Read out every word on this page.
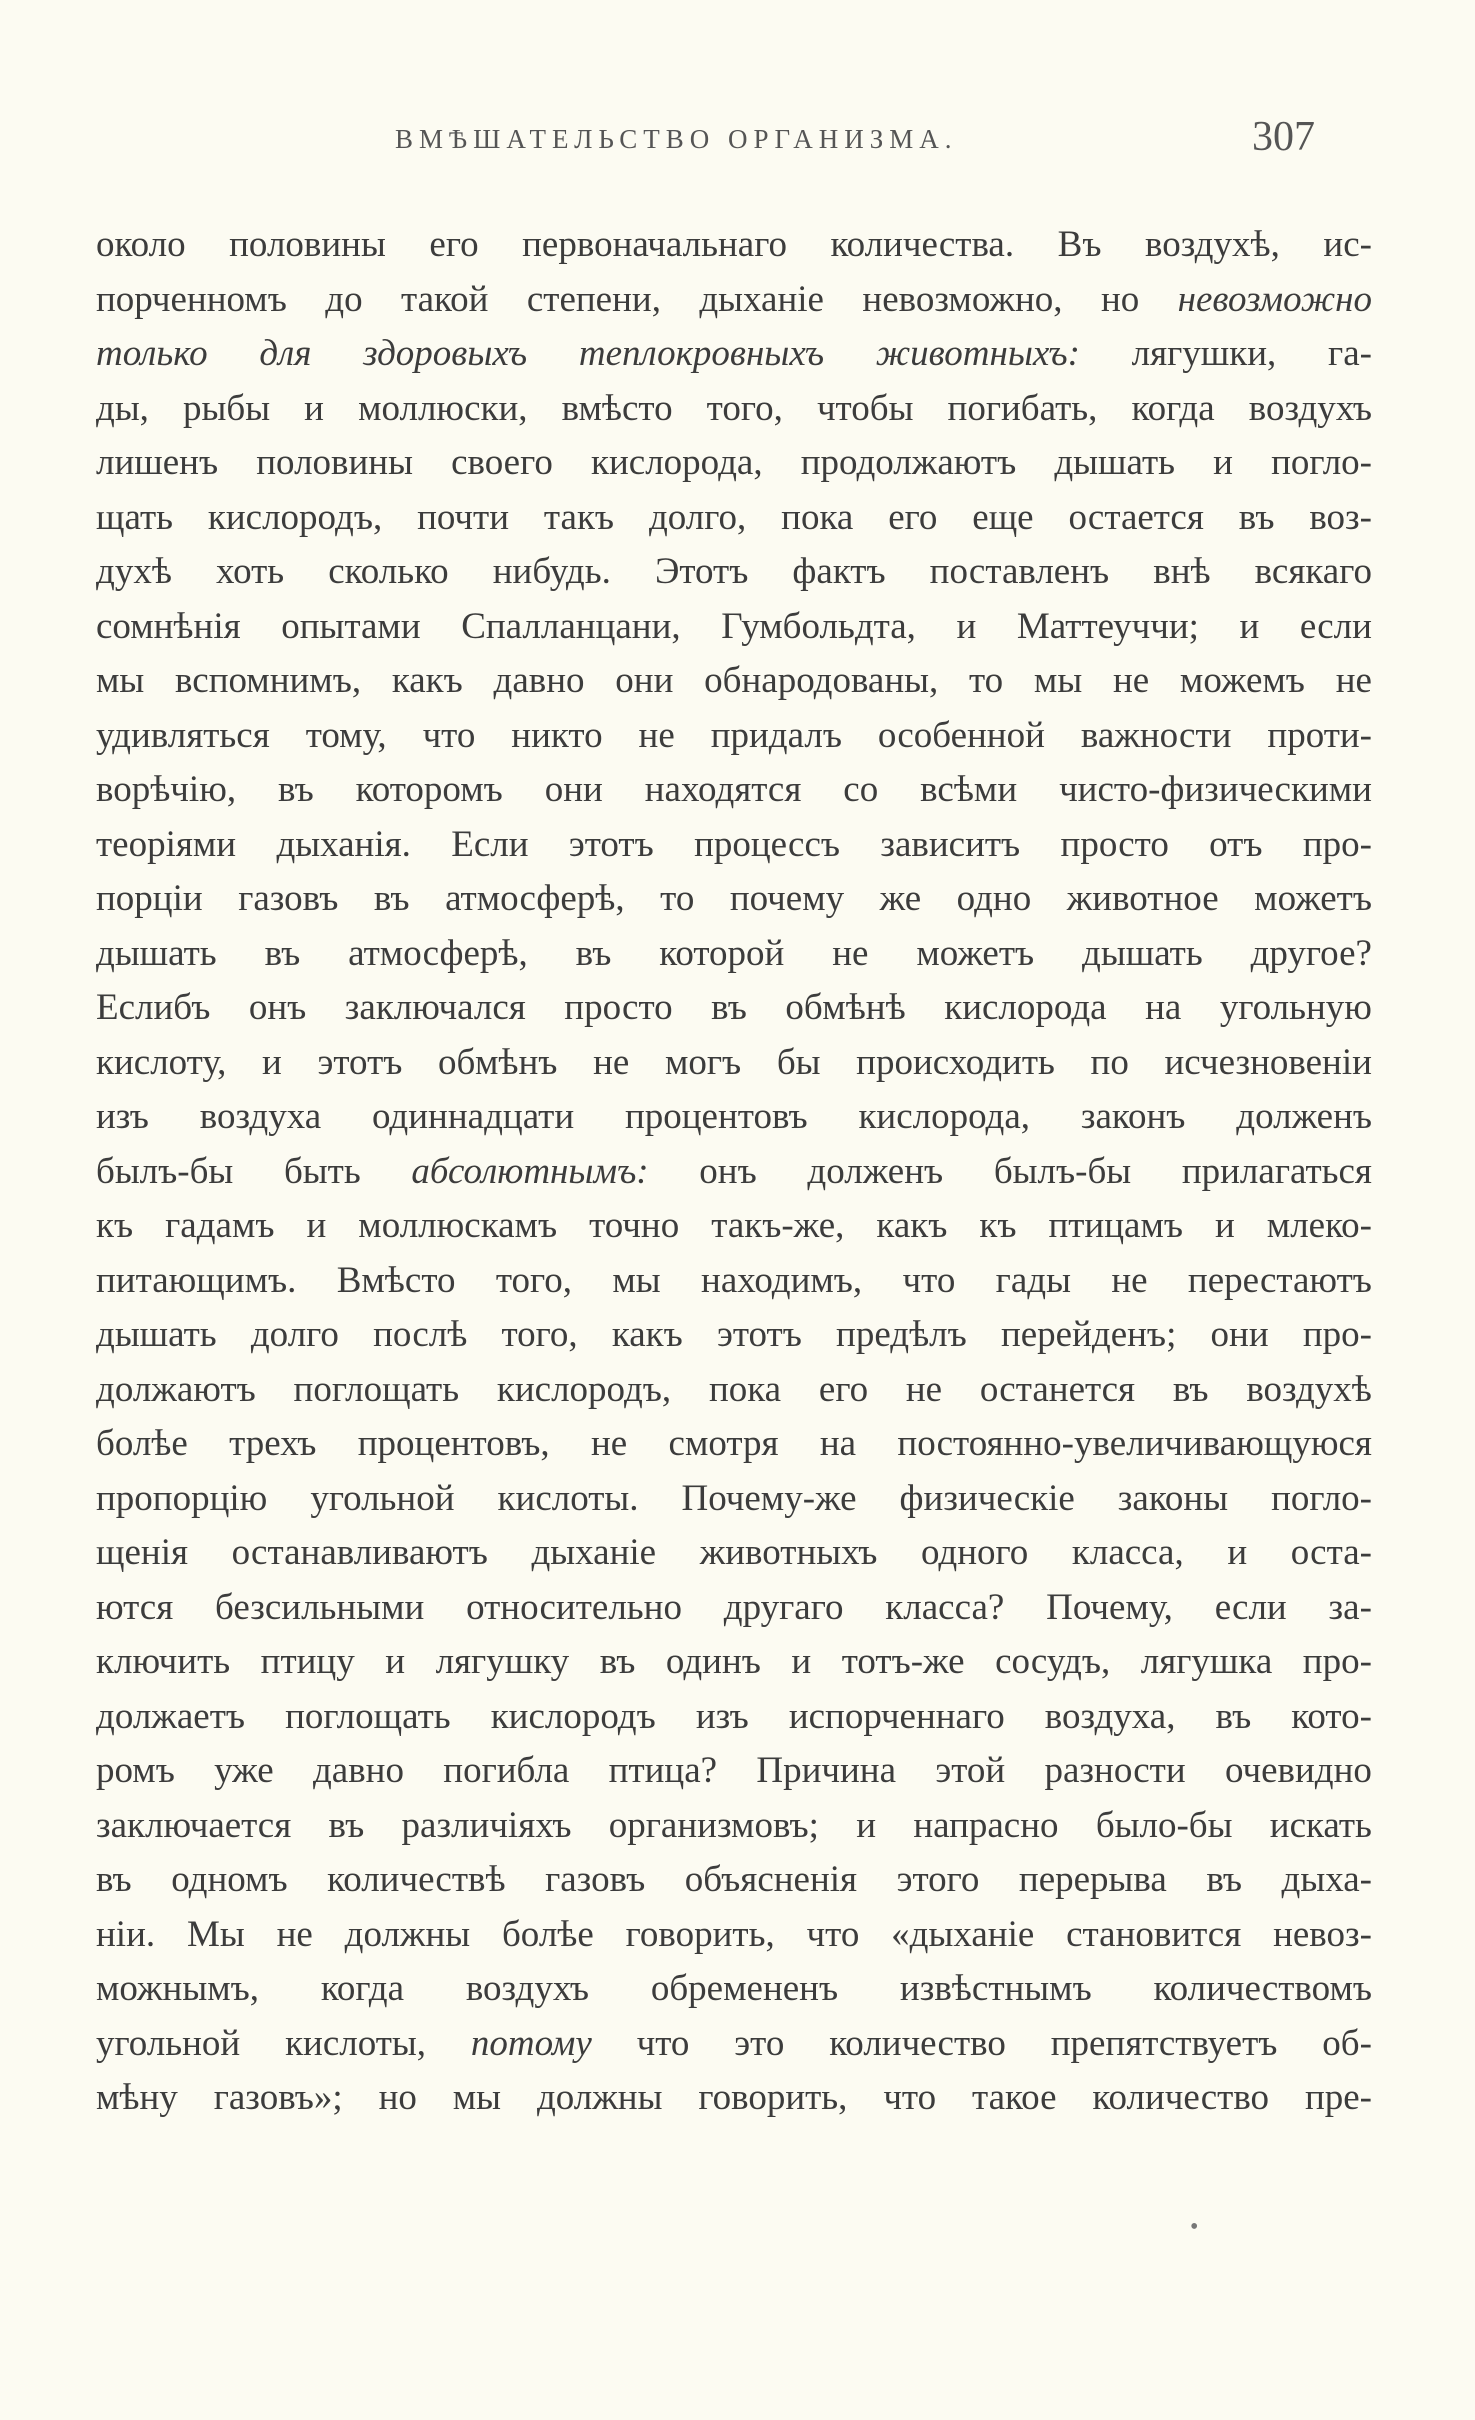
ВМѢШАТЕЛЬСТВО ОРГАНИЗМА.	307
около половины его первоначальнаго количества. Въ воздухѣ, ис-
порченномъ до такой степени, дыханіе невозможно, но невозможно
только для здоровыхъ теплокровныхъ животныхъ: лягушки, га-
ды, рыбы и моллюски, вмѣсто того, чтобы погибать, когда воздухъ
лишенъ половины своего кислорода, продолжаютъ дышать и погло-
щать кислородъ, почти такъ долго, пока его еще остается въ воз-
духѣ хоть сколько нибудь. Этотъ фактъ поставленъ внѣ всякаго
сомнѣнія опытами Спалланцани, Гумбольдта, и Маттеуччи; и если
мы вспомнимъ, какъ давно они обнародованы, то мы не можемъ не
удивляться тому, что никто не придалъ особенной важности проти-
ворѣчію, въ которомъ они находятся со всѣми чисто-физическими
теоріями дыханія. Если этотъ процессъ зависитъ просто отъ про-
порціи газовъ въ атмосферѣ, то почему же одно животное можетъ
дышать въ атмосферѣ, въ которой не можетъ дышать другое?
Еслибъ онъ заключался просто въ обмѣнѣ кислорода на угольную
кислоту, и этотъ обмѣнъ не могъ бы происходить по исчезновеніи
изъ воздуха одиннадцати процентовъ кислорода, законъ долженъ
былъ-бы быть абсолютнымъ: онъ долженъ былъ-бы прилагаться
къ гадамъ и моллюскамъ точно такъ-же, какъ къ птицамъ и млеко-
питающимъ. Вмѣсто того, мы находимъ, что гады не перестаютъ
дышать долго послѣ того, какъ этотъ предѣлъ перейденъ; они про-
должаютъ поглощать кислородъ, пока его не останется въ воздухѣ
болѣе трехъ процентовъ, не смотря на постоянно-увеличивающуюся
пропорцію угольной кислоты. Почему-же физическіе законы погло-
щенія останавливаютъ дыханіе животныхъ одного класса, и оста-
ются безсильными относительно другаго класса? Почему, если за-
ключить птицу и лягушку въ одинъ и тотъ-же сосудъ, лягушка про-
должаетъ поглощать кислородъ изъ испорченнаго воздуха, въ кото-
ромъ уже давно погибла птица? Причина этой разности очевидно
заключается въ различіяхъ организмовъ; и напрасно было-бы искать
въ одномъ количествѣ газовъ объясненія этого перерыва въ дыха-
ніи. Мы не должны болѣе говорить, что «дыханіе становится невоз-
можнымъ, когда воздухъ обремененъ извѣстнымъ количествомъ
угольной кислоты, потому что это количество препятствуетъ об-
мѣну газовъ»; но мы должны говорить, что такое количество пре-
•
